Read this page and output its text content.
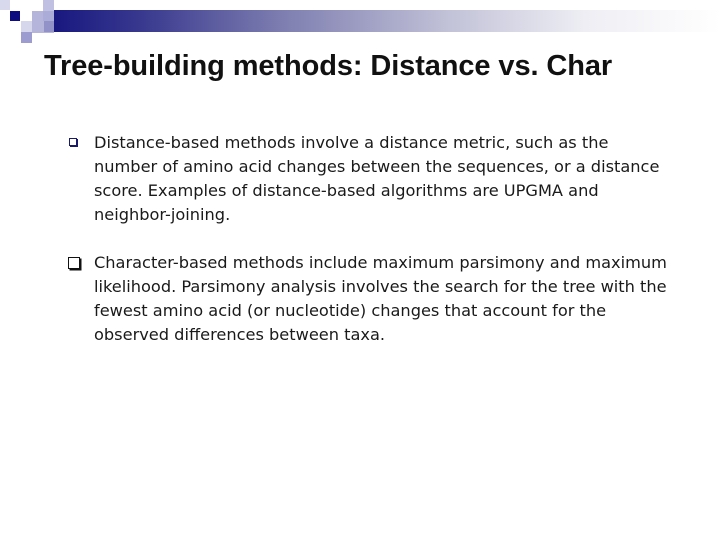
Tree-building methods: Distance vs. Char
Distance-based methods involve a distance metric, such as the number of amino acid changes between the sequences, or a distance score. Examples of distance-based algorithms are UPGMA and neighbor-joining.
Character-based methods include maximum parsimony and maximum likelihood. Parsimony analysis involves the search for the tree with the fewest amino acid (or nucleotide) changes that account for the observed differences between taxa.
